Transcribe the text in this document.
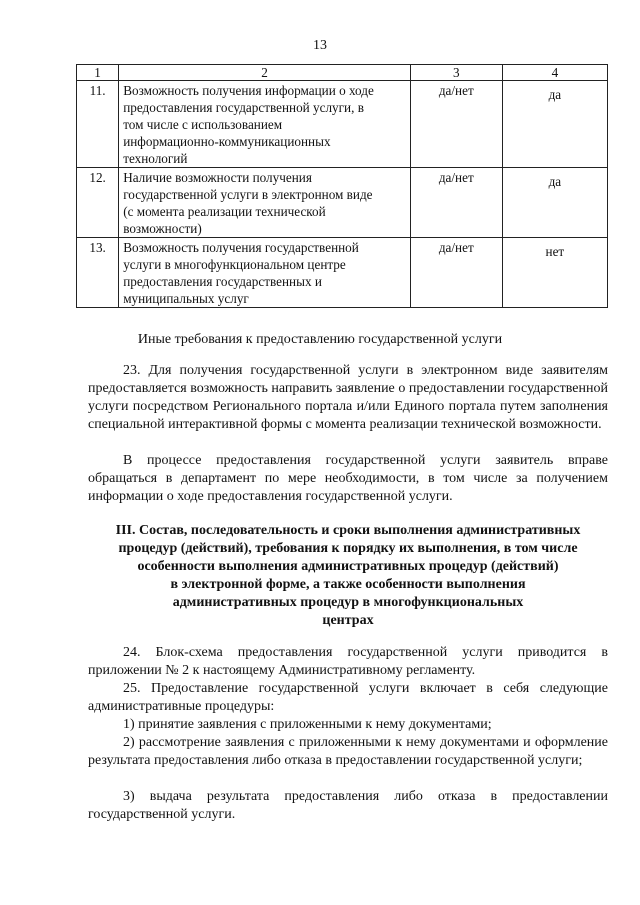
13
1	2	3	4
11.	Возможность получения информации о ходе
предоставления государственной услуги, в
том числе с использованием
информационно-коммуникационных
технологий	да/нет	да
12.	Наличие возможности получения
государственной услуги в электронном виде
(с момента реализации технической
возможности)	да/нет	да
13.	Возможность получения государственной
услуги в многофункциональном центре
предоставления государственных и
муниципальных услуг	да/нет	нет
Иные требования к предоставлению государственной услуги

23. Для получения государственной услуги в электронном виде заявителям предоставляется возможность направить заявление о предоставлении государственной услуги посредством Регионального портала и/или Единого портала путем заполнения специальной интерактивной формы с момента реализации технической возможности.

В процессе предоставления государственной услуги заявитель вправе обращаться в департамент по мере необходимости, в том числе за получением информации о ходе предоставления государственной услуги.

III. Состав, последовательность и сроки выполнения административных
процедур (действий), требования к порядку их выполнения, в том числе
особенности выполнения административных процедур (действий)
в электронной форме, а также особенности выполнения
административных процедур в многофункциональных
центрах

24. Блок-схема предоставления государственной услуги приводится в приложении № 2 к настоящему Административному регламенту.

25. Предоставление государственной услуги включает в себя следующие административные процедуры:

1) принятие заявления с приложенными к нему документами;

2) рассмотрение заявления с приложенными к нему документами и оформление результата предоставления либо отказа в предоставлении государственной услуги;

3) выдача результата предоставления либо отказа в предоставлении государственной услуги.
